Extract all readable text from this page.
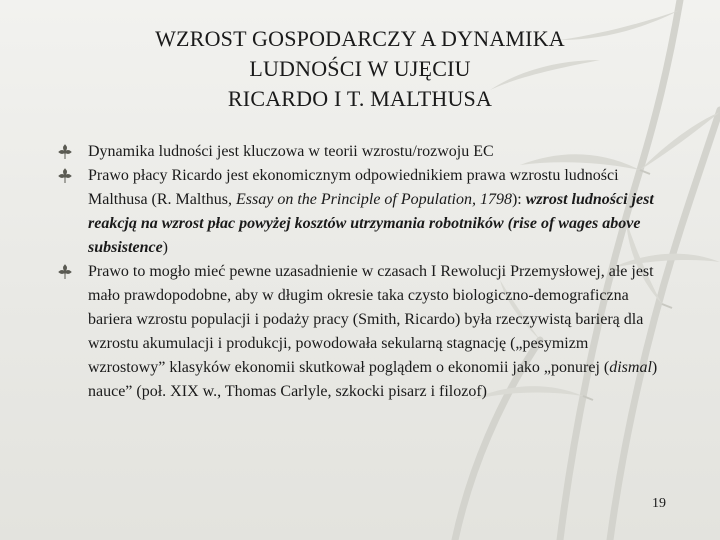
WZROST GOSPODARCZY A DYNAMIKA
LUDNOŚCI W UJĘCIU
RICARDO I T. MALTHUSA
Dynamika ludności jest kluczowa w teorii wzrostu/rozwoju EC
Prawo płacy Ricardo jest ekonomicznym odpowiednikiem prawa wzrostu ludności Malthusa (R. Malthus, Essay on the Principle of Population, 1798): wzrost ludności jest reakcją na wzrost płac powyżej kosztów utrzymania robotników (rise of wages above subsistence)
Prawo to mogło mieć pewne uzasadnienie w czasach I Rewolucji Przemysłowej, ale jest mało prawdopodobne, aby w długim okresie taka czysto biologiczno-demograficzna bariera wzrostu populacji i podaży pracy (Smith, Ricardo) była rzeczywistą barierą dla wzrostu akumulacji i produkcji, powodowała sekularną stagnację („pesymizm wzrostowy” klasyków ekonomii skutkował poglądem o ekonomii jako „ponurej (dismal) nauce” (poł. XIX w., Thomas Carlyle, szkocki pisarz i filozof)
19
